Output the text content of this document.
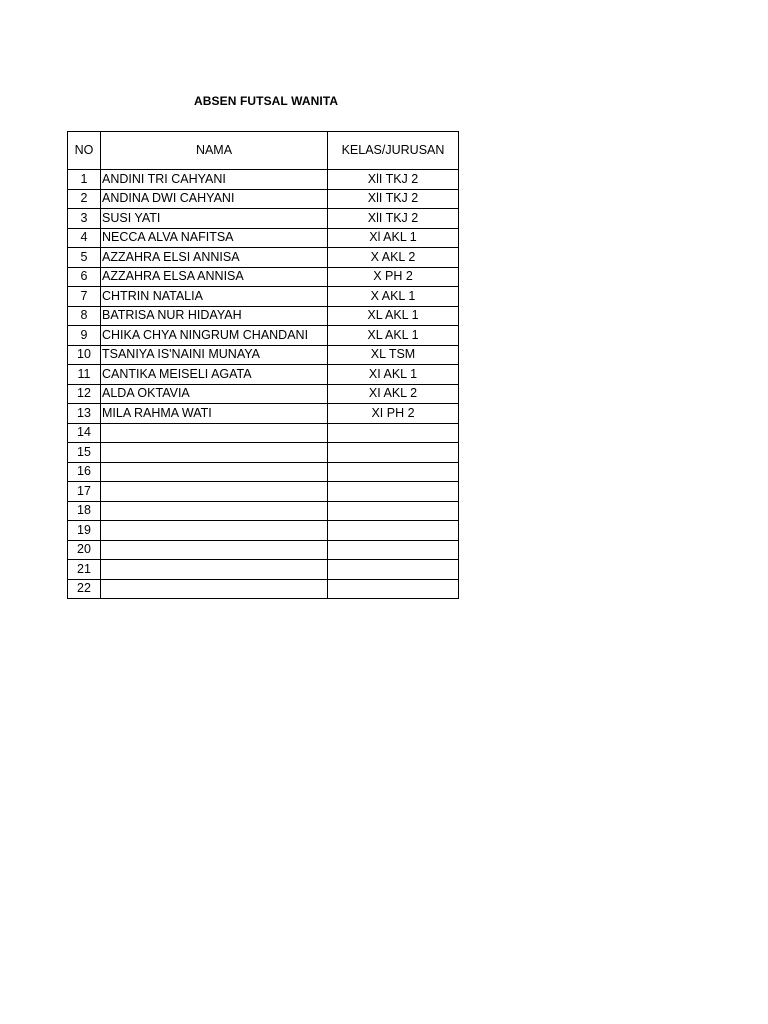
ABSEN FUTSAL WANITA
NO	NAMA	KELAS/JURUSAN
1	ANDINI TRI CAHYANI	XlI TKJ 2
2	ANDINA DWI CAHYANI	XlI TKJ 2
3	SUSI YATI	XlI TKJ 2
4	NECCA ALVA NAFITSA	Xl AKL 1
5	AZZAHRA ELSI ANNISA	X AKL 2
6	AZZAHRA ELSA ANNISA	X PH 2
7	CHTRIN NATALIA	X AKL 1
8	BATRISA NUR HIDAYAH	XL AKL 1
9	CHIKA CHYA NINGRUM CHANDANI	XL AKL 1
10	TSANIYA IS'NAINI MUNAYA	XL TSM
11	CANTIKA MEISELI AGATA	XI AKL 1
12	ALDA OKTAVIA	XI AKL 2
13	MILA RAHMA WATI	XI PH 2
14		
15		
16		
17		
18		
19		
20		
21		
22		
